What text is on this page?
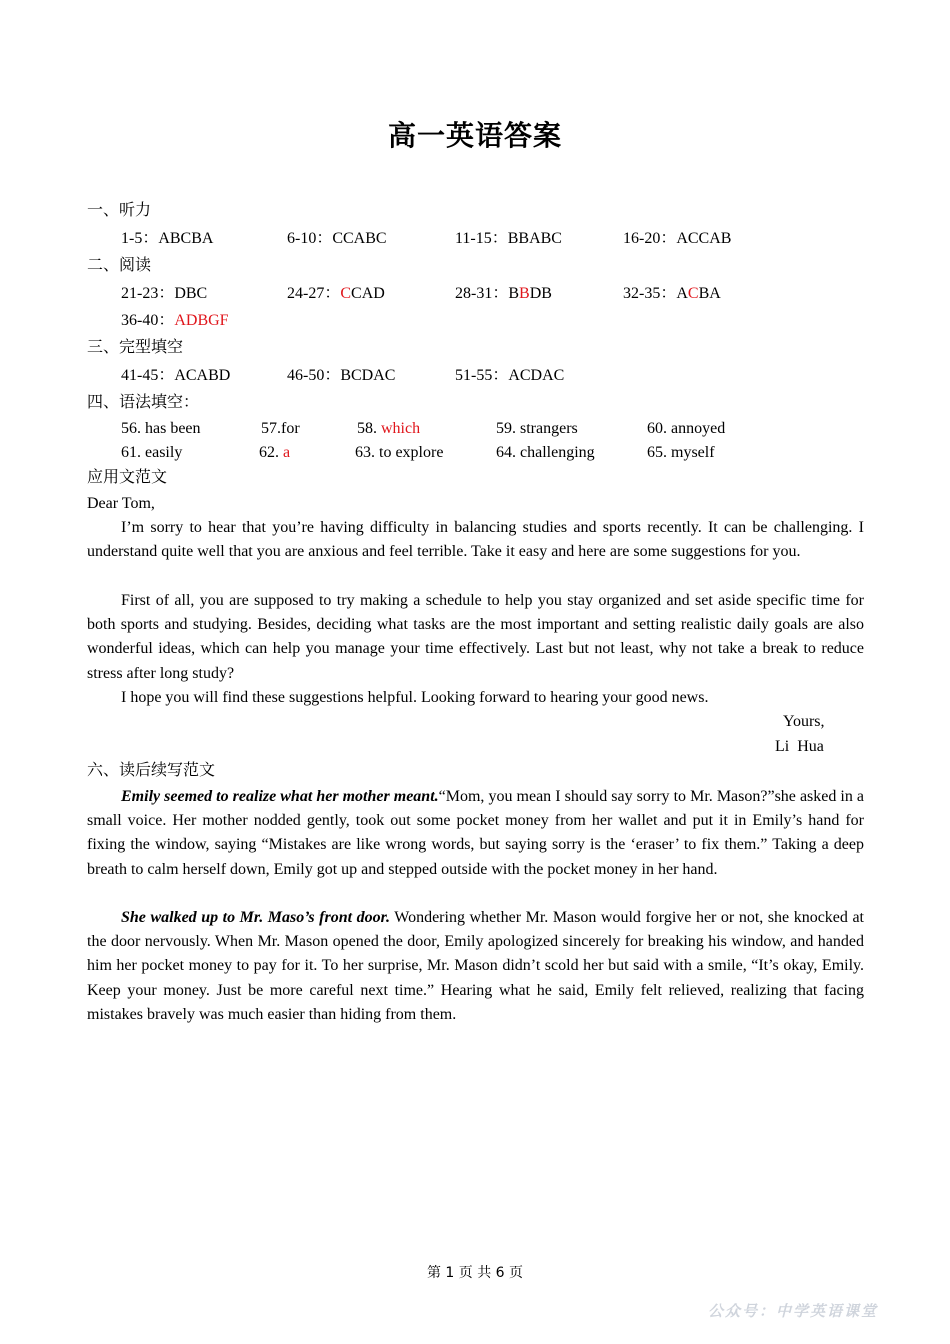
高一英语答案
一、听力
1-5：ABCBA	6-10：CCABC	11-15：BBABC	16-20：ACCAB
二、阅读
21-23：DBC	24-27：CCAD	28-31：BBDB	32-35：ACBA
36-40：ADBGF
三、完型填空
41-45：ACABD	46-50：BCDAC	51-55：ACDAC
四、语法填空：
56. has been	57.for	58. which	59. strangers	60. annoyed
61. easily	62. a	63. to explore	64. challenging	65. myself
应用文范文
Dear Tom,
I’m sorry to hear that you’re having difficulty in balancing studies and sports recently. It can be challenging. I understand quite well that you are anxious and feel terrible. Take it easy and here are some suggestions for you.
First of all, you are supposed to try making a schedule to help you stay organized and set aside specific time for both sports and studying. Besides, deciding what tasks are the most important and setting realistic daily goals are also wonderful ideas, which can help you manage your time effectively. Last but not least, why not take a break to reduce stress after long study?
I hope you will find these suggestions helpful. Looking forward to hearing your good news.
Yours,
Li  Hua
六、读后续写范文
Emily seemed to realize what her mother meant.“Mom, you mean I should say sorry to Mr. Mason?”she asked in a small voice. Her mother nodded gently, took out some pocket money from her wallet and put it in Emily’s hand for fixing the window, saying “Mistakes are like wrong words, but saying sorry is the ‘eraser’ to fix them.” Taking a deep breath to calm herself down, Emily got up and stepped outside with the pocket money in her hand.
She walked up to Mr. Maso’s front door. Wondering whether Mr. Mason would forgive her or not, she knocked at the door nervously. When Mr. Mason opened the door, Emily apologized sincerely for breaking his window, and handed him her pocket money to pay for it. To her surprise, Mr. Mason didn’t scold her but said with a smile, “It’s okay, Emily. Keep your money. Just be more careful next time.” Hearing what he said, Emily felt relieved, realizing that facing mistakes bravely was much easier than hiding from them.
第 1 页 共 6 页
公众号：中学英语课堂
